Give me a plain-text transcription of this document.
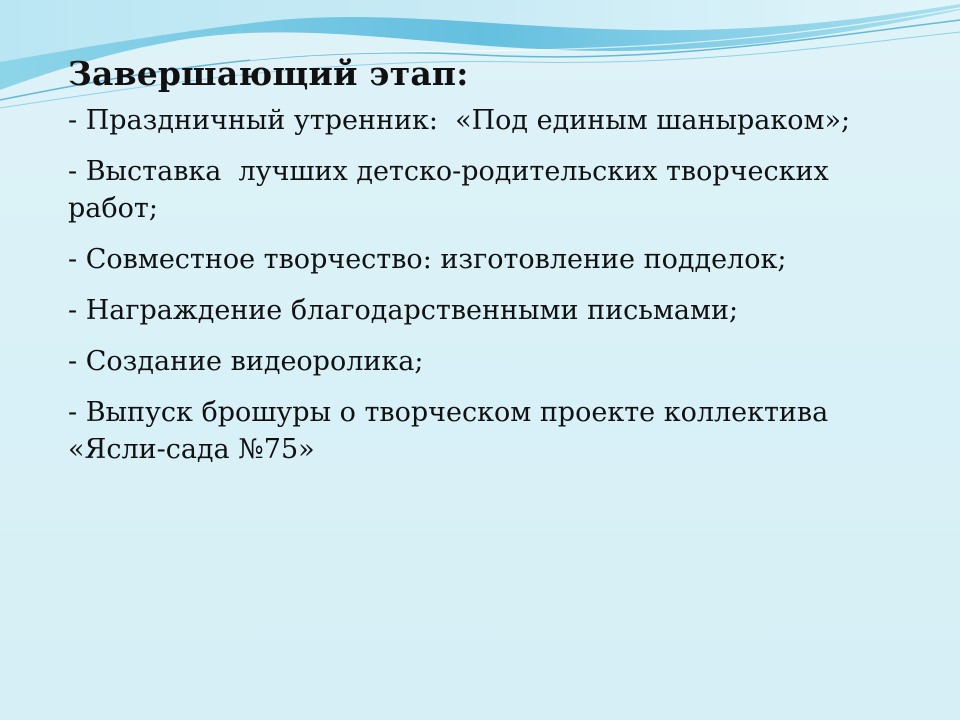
Завершающий этап:
- Праздничный утренник:  «Под единым шаныраком»;
- Выставка  лучших детско-родительских творческих работ;
- Совместное творчество: изготовление подделок;
- Награждение благодарственными письмами;
- Создание видеоролика;
- Выпуск брошуры о творческом проекте коллектива «Ясли-сада №75»
